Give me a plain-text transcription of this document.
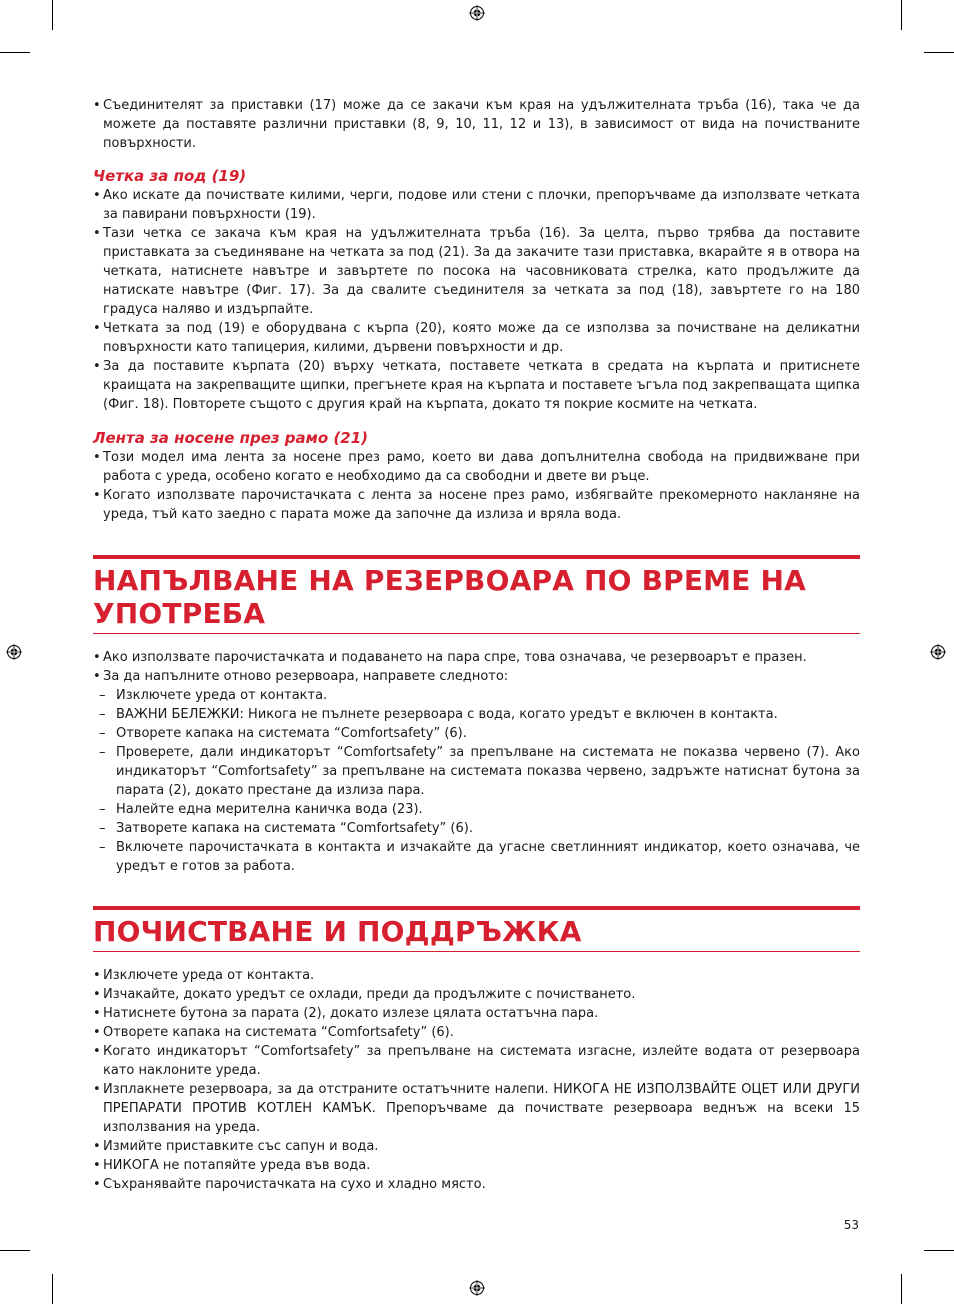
• Съединителят за приставки (17) може да се закачи към края на удължителната тръба (16), така че да можете да поставяте различни приставки (8, 9, 10, 11, 12 и 13), в зависимост от вида на почистваните повърхности.
Четка за под (19)
• Ако искате да почиствате килими, черги, подове или стени с плочки, препоръчваме да използвате четката за павирани повърхности (19).
• Тази четка се закача към края на удължителната тръба (16). За целта, първо трябва да поставите приставката за съединяване на четката за под (21). За да закачите тази приставка, вкарайте я в отвора на четката, натиснете навътре и завъртете по посока на часовниковата стрелка, като продължите да натискате навътре (Фиг. 17). За да свалите съединителя за четката за под (18), завъртете го на 180 градуса наляво и издърпайте.
• Четката за под (19) е оборудвана с кърпа (20), която може да се използва за почистване на деликатни повърхности като тапицерия, килими, дървени повърхности и др.
• За да поставите кърпата (20) върху четката, поставете четката в средата на кърпата и притиснете краищата на закрепващите щипки, прегънете края на кърпата и поставете ъгъла под закрепващата щипка (Фиг. 18). Повторете същото с другия край на кърпата, докато тя покрие космите на четката.
Лента за носене през рамо (21)
• Този модел има лента за носене през рамо, което ви дава допълнителна свобода на придвижване при работа с уреда, особено когато е необходимо да са свободни и двете ви ръце.
• Когато използвате парочистачката с лента за носене през рамо, избягвайте прекомерното накланяне на уреда, тъй като заедно с парата може да започне да излиза и вряла вода.
НАПЪЛВАНЕ НА РЕЗЕРВОАРА ПО ВРЕМЕ НА УПОТРЕБА
• Ако използвате парочистачката и подаването на пара спре, това означава, че резервоарът е празен.
• За да напълните отново резервоара, направете следното:
– Изключете уреда от контакта.
– ВАЖНИ БЕЛЕЖКИ: Никога не пълнете резервоара с вода, когато уредът е включен в контакта.
– Отворете капака на системата “Comfortsafety” (6).
– Проверете, дали индикаторът “Comfortsafety” за препълване на системата не показва червено (7). Ако индикаторът “Comfortsafety” за препълване на системата показва червено, задръжте натиснат бутона за парата (2), докато престане да излиза пара.
– Налейте една мерителна каничка вода (23).
– Затворете капака на системата “Comfortsafety” (6).
– Включете парочистачката в контакта и изчакайте да угасне светлинният индикатор, което означава, че уредът е готов за работа.
ПОЧИСТВАНЕ И ПОДДРЪЖКА
• Изключете уреда от контакта.
• Изчакайте, докато уредът се охлади, преди да продължите с почистването.
• Натиснете бутона за парата (2), докато излезе цялата остатъчна пара.
• Отворете капака на системата “Comfortsafety” (6).
• Когато индикаторът “Comfortsafety” за препълване на системата изгасне, излейте водата от резервоара като наклоните уреда.
• Изплакнете резервоара, за да отстраните остатъчните налепи. НИКОГА НЕ ИЗПОЛЗВАЙТЕ ОЦЕТ ИЛИ ДРУГИ ПРЕПАРАТИ ПРОТИВ КОТЛЕН КАМЪК. Препоръчваме да почиствате резервоара веднъж на всеки 15 използвания на уреда.
• Измийте приставките със сапун и вода.
• НИКОГА не потапяйте уреда във вода.
• Съхранявайте парочистачката на сухо и хладно място.
53
